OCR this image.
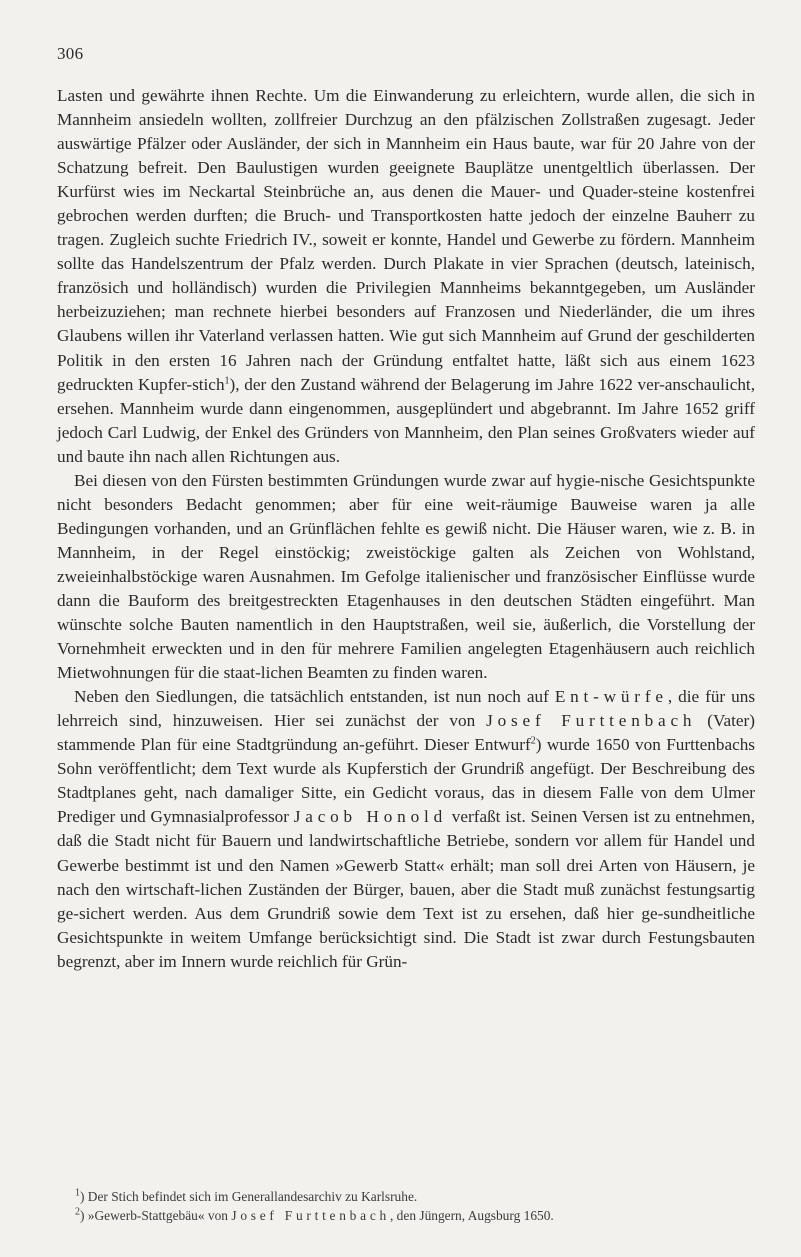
306

Lasten und gewährte ihnen Rechte. Um die Einwanderung zu erleichtern, wurde allen, die sich in Mannheim ansiedeln wollten, zollfreier Durchzug an den pfälzischen Zollstraßen zugesagt. Jeder auswärtige Pfälzer oder Ausländer, der sich in Mannheim ein Haus baute, war für 20 Jahre von der Schatzung befreit. Den Baulustigen wurden geeignete Bauplätze unentgeltlich überlassen. Der Kurfürst wies im Neckartal Steinbrüche an, aus denen die Mauer- und Quader-steine kostenfrei gebrochen werden durften; die Bruch- und Transportkosten hatte jedoch der einzelne Bauherr zu tragen. Zugleich suchte Friedrich IV., soweit er konnte, Handel und Gewerbe zu fördern. Mannheim sollte das Handelszentrum der Pfalz werden. Durch Plakate in vier Sprachen (deutsch, lateinisch, französich und holländisch) wurden die Privilegien Mannheims bekanntgegeben, um Ausländer herbeizuziehen; man rechnete hierbei besonders auf Franzosen und Niederländer, die um ihres Glaubens willen ihr Vaterland verlassen hatten. Wie gut sich Mannheim auf Grund der geschilderten Politik in den ersten 16 Jahren nach der Gründung entfaltet hatte, läßt sich aus einem 1623 gedruckten Kupfer-stich$^1$), der den Zustand während der Belagerung im Jahre 1622 ver-anschaulicht, ersehen. Mannheim wurde dann eingenommen, ausgeplündert und abgebrannt. Im Jahre 1652 griff jedoch Carl Ludwig, der Enkel des Gründers von Mannheim, den Plan seines Großvaters wieder auf und baute ihn nach allen Richtungen aus.

Bei diesen von den Fürsten bestimmten Gründungen wurde zwar auf hygie-nische Gesichtspunkte nicht besonders Bedacht genommen; aber für eine weit-räumige Bauweise waren ja alle Bedingungen vorhanden, und an Grünflächen fehlte es gewiß nicht. Die Häuser waren, wie z. B. in Mannheim, in der Regel einstöckig; zweistöckige galten als Zeichen von Wohlstand, zweieinhalbstöckige waren Ausnahmen. Im Gefolge italienischer und französischer Einflüsse wurde dann die Bauform des breitgestreckten Etagenhauses in den deutschen Städten eingeführt. Man wünschte solche Bauten namentlich in den Hauptstraßen, weil sie, äußerlich, die Vorstellung der Vornehmheit erweckten und in den für mehrere Familien angelegten Etagenhäusern auch reichlich Mietwohnungen für die staat-lichen Beamten zu finden waren.

Neben den Siedlungen, die tatsächlich entstanden, ist nun noch auf Ent-würfe, die für uns lehrreich sind, hinzuweisen. Hier sei zunächst der von Josef Furttenbach (Vater) stammende Plan für eine Stadtgründung an-geführt. Dieser Entwurf$^2$) wurde 1650 von Furttenbachs Sohn veröffentlicht; dem Text wurde als Kupferstich der Grundriß angefügt. Der Beschreibung des Stadtplanes geht, nach damaliger Sitte, ein Gedicht voraus, das in diesem Falle von dem Ulmer Prediger und Gymnasialprofessor Jacob Honold verfaßt ist. Seinen Versen ist zu entnehmen, daß die Stadt nicht für Bauern und landwirtschaftliche Betriebe, sondern vor allem für Handel und Gewerbe bestimmt ist und den Namen »Gewerb Statt« erhält; man soll drei Arten von Häusern, je nach den wirtschaft-lichen Zuständen der Bürger, bauen, aber die Stadt muß zunächst festungsartig ge-sichert werden. Aus dem Grundriß sowie dem Text ist zu ersehen, daß hier ge-sundheitliche Gesichtspunkte in weitem Umfange berücksichtigt sind. Die Stadt ist zwar durch Festungsbauten begrenzt, aber im Innern wurde reichlich für Grün-

$^1$) Der Stich befindet sich im Generallandesarchiv zu Karlsruhe.

$^2$) »Gewerb-Stattgebäu« von Josef Furttenbach, den Jüngern, Augsburg 1650.
